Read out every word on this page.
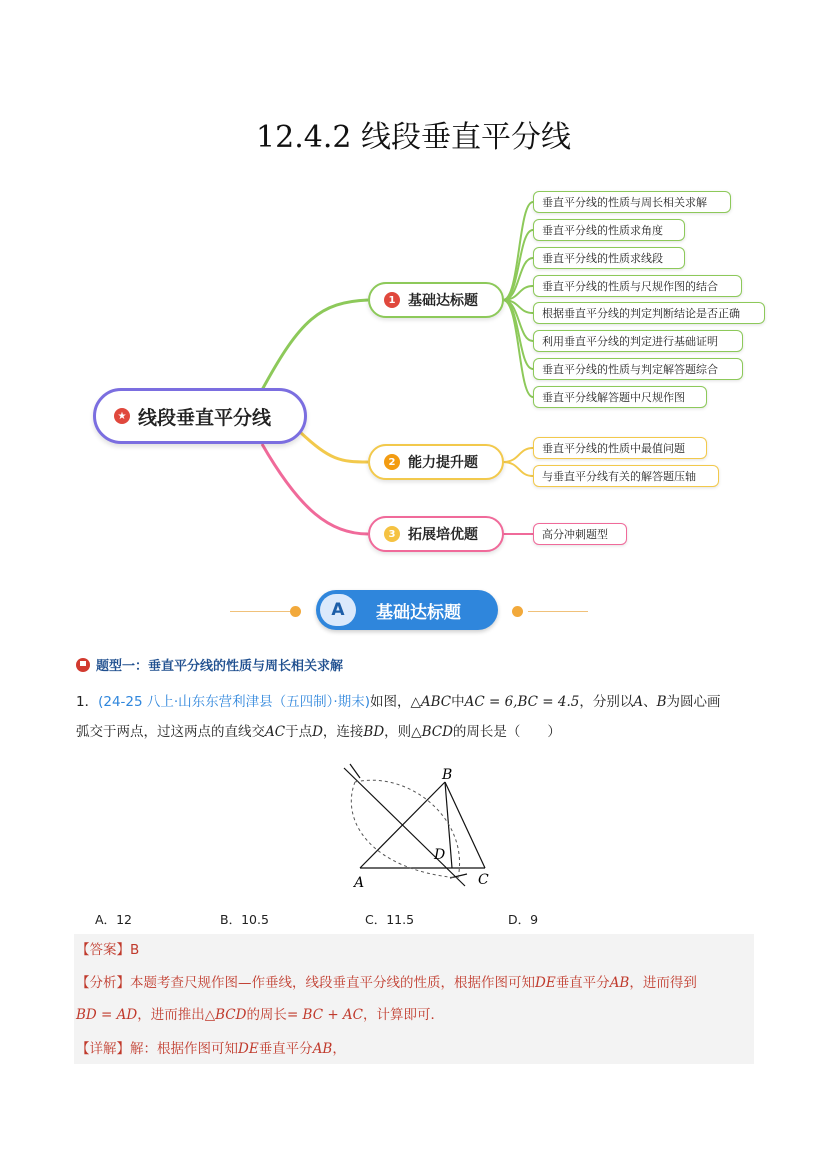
12.4.2 线段垂直平分线
★ 线段垂直平分线
1 基础达标题
2 能力提升题
3 拓展培优题
垂直平分线的性质与周长相关求解
垂直平分线的性质求角度
垂直平分线的性质求线段
垂直平分线的性质与尺规作图的结合
根据垂直平分线的判定判断结论是否正确
利用垂直平分线的判定进行基础证明
垂直平分线的性质与判定解答题综合
垂直平分线解答题中尺规作图
垂直平分线的性质中最值问题
与垂直平分线有关的解答题压轴
高分冲刺题型
A	基础达标题
题型一：垂直平分线的性质与周长相关求解
1．(24-25 八上·山东东营利津县（五四制）·期末)如图，△ABC中AC = 6,BC = 4.5，分别以A、B为圆心画
弧交于两点，过这两点的直线交AC于点D，连接BD，则△BCD的周长是（　　）
B
A	C
D
A．12	B．10.5	C．11.5	D．9
【答案】B
【分析】本题考查尺规作图—作垂线，线段垂直平分线的性质，根据作图可知DE垂直平分AB，进而得到
BD = AD，进而推出△BCD的周长= BC + AC，计算即可．
【详解】解：根据作图可知DE垂直平分AB，
